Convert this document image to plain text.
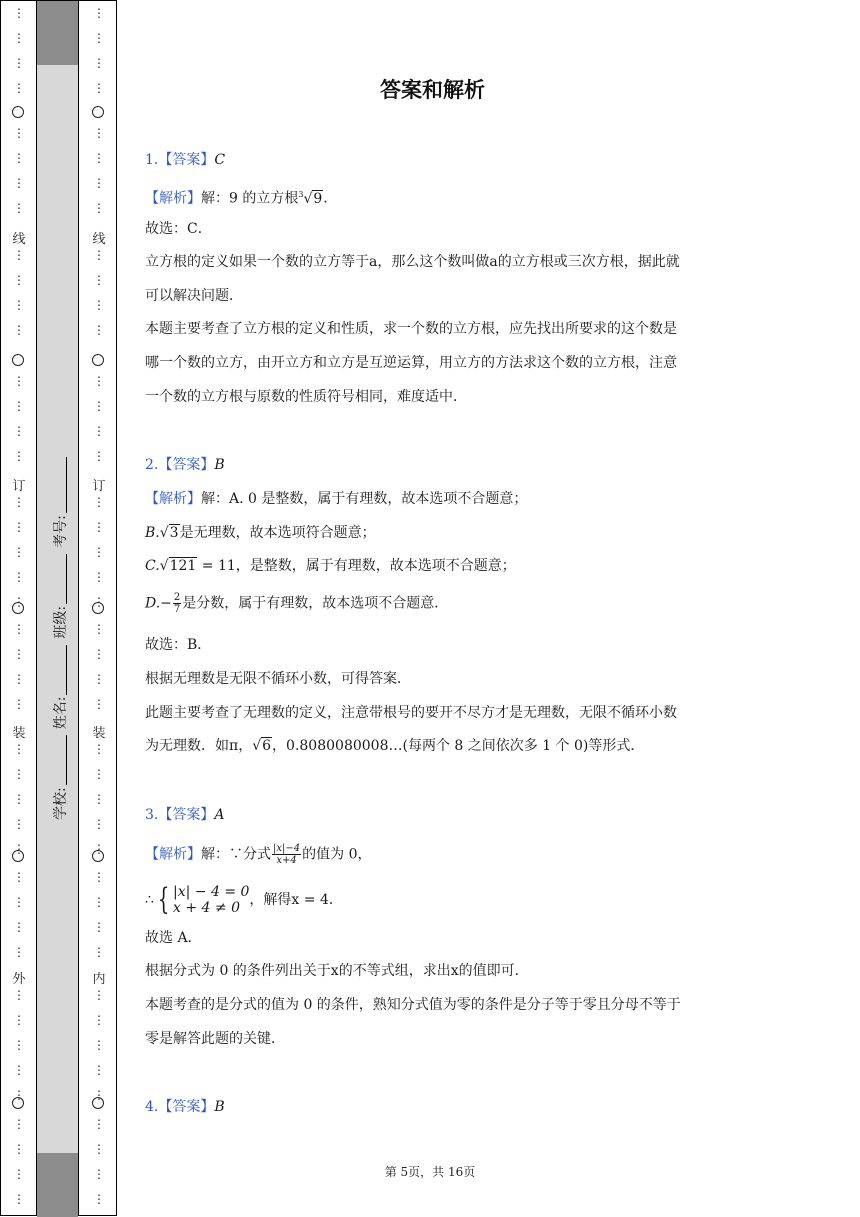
线
订
装
外
⋮
⋮
⋮
⋮
⋮
⋮
⋮
⋮
⋮
⋮
⋮
⋮
⋮
⋮
⋮
⋮
⋮
⋮
⋮
⋮
⋮
⋮
⋮
⋮
⋮
⋮
⋮
⋮
⋮
⋮
⋮
⋮
⋮
⋮
⋮
⋮
⋮
⋮
⋮
⋮
⋮
⋮
⋮
线
订
装
内
⋮
⋮
⋮
⋮
⋮
⋮
⋮
⋮
⋮
⋮
⋮
⋮
⋮
⋮
⋮
⋮
⋮
⋮
⋮
⋮
⋮
⋮
⋮
⋮
⋮
⋮
⋮
⋮
⋮
⋮
⋮
⋮
⋮
⋮
⋮
⋮
⋮
⋮
⋮
⋮
⋮
⋮
⋮
学校:
姓名:
班级:
考号:
答案和解析
1.【答案】C
【解析】解：9 的立方根$^3$√9.
故选：C．
立方根的定义如果一个数的立方等于a，那么这个数叫做a的立方根或三次方根，据此就
可以解决问题．
本题主要考查了立方根的定义和性质，求一个数的立方根，应先找出所要求的这个数是
哪一个数的立方，由开立方和立方是互逆运算，用立方的方法求这个数的立方根，注意
一个数的立方根与原数的性质符号相同，难度适中．
2.【答案】B
【解析】解：A. 0 是整数，属于有理数，故本选项不合题意；
B.√3是无理数，故本选项符合题意；
C.√121 = 11，是整数，属于有理数，故本选项不合题意；
$D.- \frac{2}{7}$ 是分数，属于有理数，故本选项不合题意．
故选：B．
根据无理数是无限不循环小数，可得答案．
此题主要考查了无理数的定义，注意带根号的要开不尽方才是无理数，无限不循环小数
为无理数．如π，√6，0.8080080008…(每两个 8 之间依次多 1 个 0)等形式．
3.【答案】A
【解析】解：∵分式 $\frac{|x|-4}{x+4}$ 的值为 0，
∴ { |x| − 4 = 0
x + 4 ≠ 0 ，解得x = 4．
故选 A．
根据分式为 0 的条件列出关于x的不等式组，求出x的值即可．
本题考查的是分式的值为 0 的条件，熟知分式值为零的条件是分子等于零且分母不等于
零是解答此题的关键．
4.【答案】B
第 5页，共 16页
